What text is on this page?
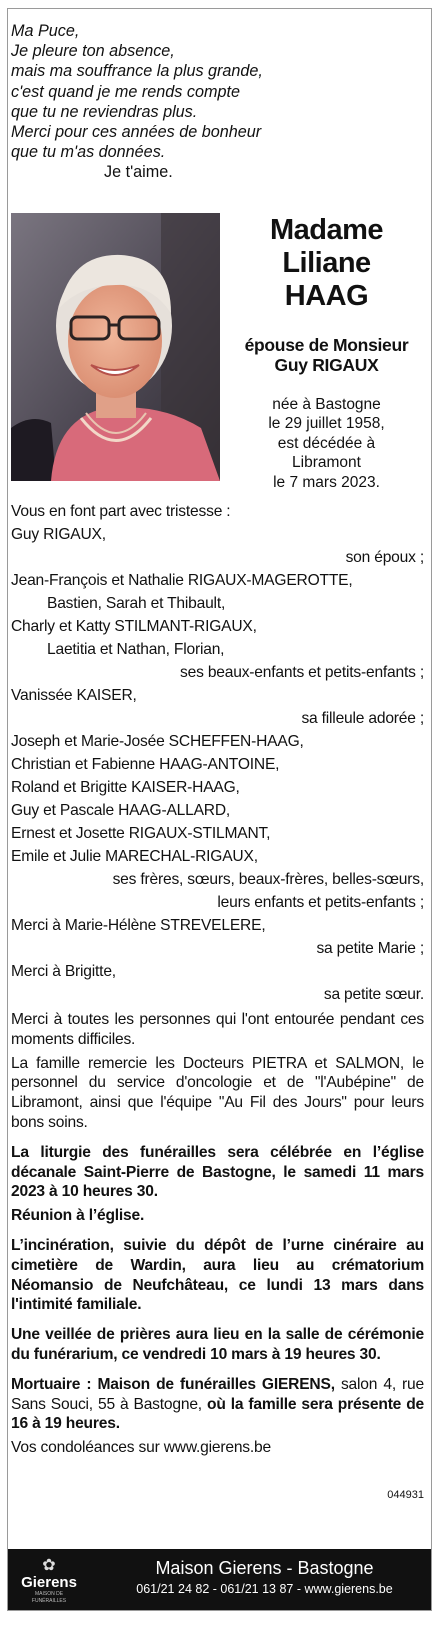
Ma Puce,
Je pleure ton absence,
mais ma souffrance la plus grande,
c'est quand je me rends compte
que tu ne reviendras plus.
Merci pour ces années de bonheur
que tu m'as données.
Je t'aime.
Madame
Liliane
HAAG
épouse de Monsieur
Guy RIGAUX
née à Bastogne
le 29 juillet 1958,
est décédée à
Libramont
le 7 mars 2023.
Vous en font part avec tristesse :
Guy RIGAUX,
son époux ;
Jean-François et Nathalie RIGAUX-MAGEROTTE,
Bastien, Sarah et Thibault,
Charly et Katty STILMANT-RIGAUX,
Laetitia et Nathan, Florian,
ses beaux-enfants et petits-enfants ;
Vanissée KAISER,
sa filleule adorée ;
Joseph et Marie-Josée SCHEFFEN-HAAG,
Christian et Fabienne HAAG-ANTOINE,
Roland et Brigitte KAISER-HAAG,
Guy et Pascale HAAG-ALLARD,
Ernest et Josette RIGAUX-STILMANT,
Emile et Julie MARECHAL-RIGAUX,
ses frères, sœurs, beaux-frères, belles-sœurs,
leurs enfants et petits-enfants ;
Merci à Marie-Hélène STREVELERE,
sa petite Marie ;
Merci à Brigitte,
sa petite sœur.
Merci à toutes les personnes qui l'ont entourée pendant ces moments difficiles.
La famille remercie les Docteurs PIETRA et SALMON, le personnel du service d'oncologie et de "l'Aubépine" de Libramont, ainsi que l'équipe "Au Fil des Jours" pour leurs bons soins.
La liturgie des funérailles sera célébrée en l’église décanale Saint-Pierre de Bastogne, le samedi 11 mars 2023 à 10 heures 30.
Réunion à l’église.
L’incinération, suivie du dépôt de l’urne cinéraire au cimetière de Wardin, aura lieu au crématorium Néomansio de Neufchâteau, ce lundi 13 mars dans l'intimité familiale.
Une veillée de prières aura lieu en la salle de cérémonie du funérarium, ce vendredi 10 mars à 19 heures 30.
Mortuaire : Maison de funérailles GIERENS, salon 4, rue Sans Souci, 55 à Bastogne, où la famille sera présente de 16 à 19 heures.
Vos condoléances sur www.gierens.be
044931
✿
Gierens
MAISON DE FUNÉRAILLES
Maison Gierens - Bastogne
061/21 24 82 - 061/21 13 87 - www.gierens.be
